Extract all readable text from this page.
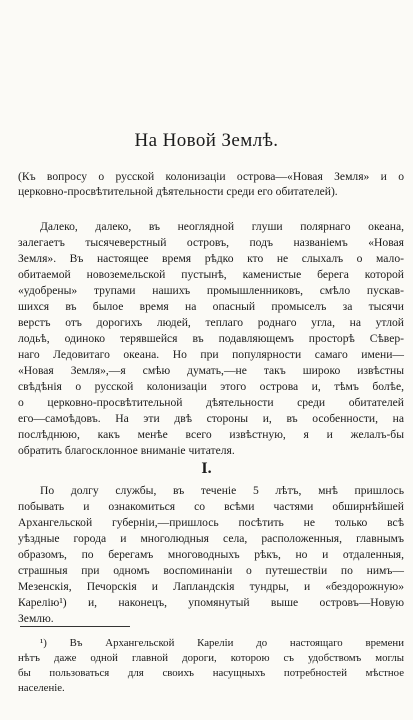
На Новой Землѣ.
(Къ вопросу о русской колонизаціи острова—«Новая Земля» и о
церковно-просвѣтительной дѣятельности среди его обитателей).
Далеко, далеко, въ неоглядной глуши полярнаго океана,
залегаетъ тысячеверстный островъ, подъ названіемъ «Новая
Земля». Въ настоящее время рѣдко кто не слыхалъ о мало-
обитаемой новоземельской пустынѣ, каменистые берега которой
«удобрены» трупами нашихъ промышленниковъ, смѣло пускав-
шихся въ былое время на опасный промыселъ за тысячи
верстъ отъ дорогихъ людей, теплаго роднаго угла, на утлой
лодьѣ, одиноко терявшейся въ подавляющемъ просторѣ Сѣвер-
наго Ледовитаго океана. Но при популярности самаго имени—
«Новая Земля»,—я смѣю думать,—не такъ широко извѣстны
свѣдѣнія о русской колонизаціи этого острова и, тѣмъ болѣе,
о церковно-просвѣтительной дѣятельности среди обитателей
его—самоѣдовъ. На эти двѣ стороны и, въ особенности, на
послѣднюю, какъ менѣе всего извѣстную, я и желалъ-бы
обратить благосклонное вниманіе читателя.
I.
По долгу службы, въ теченіе 5 лѣтъ, мнѣ пришлось
побывать и ознакомиться со всѣми частями обширнѣйшей
Архангельской губерніи,—пришлось посѣтить не только всѣ
уѣздные города и многолюдныя села, расположенныя, главнымъ
образомъ, по берегамъ многоводныхъ рѣкъ, но и отдаленныя,
страшныя при одномъ воспоминаніи о путешествіи по нимъ—
Мезенскія, Печорскія и Лапландскія тундры, и «бездорожную»
Карелію¹) и, наконецъ, упомянутый выше островъ—Новую
Землю.
¹) Въ Архангельской Кареліи до настоящаго времени
нѣтъ даже одной главной дороги, которою съ удобствомъ моглы
бы пользоваться для своихъ насущныхъ потребностей мѣстное
населеніе.
